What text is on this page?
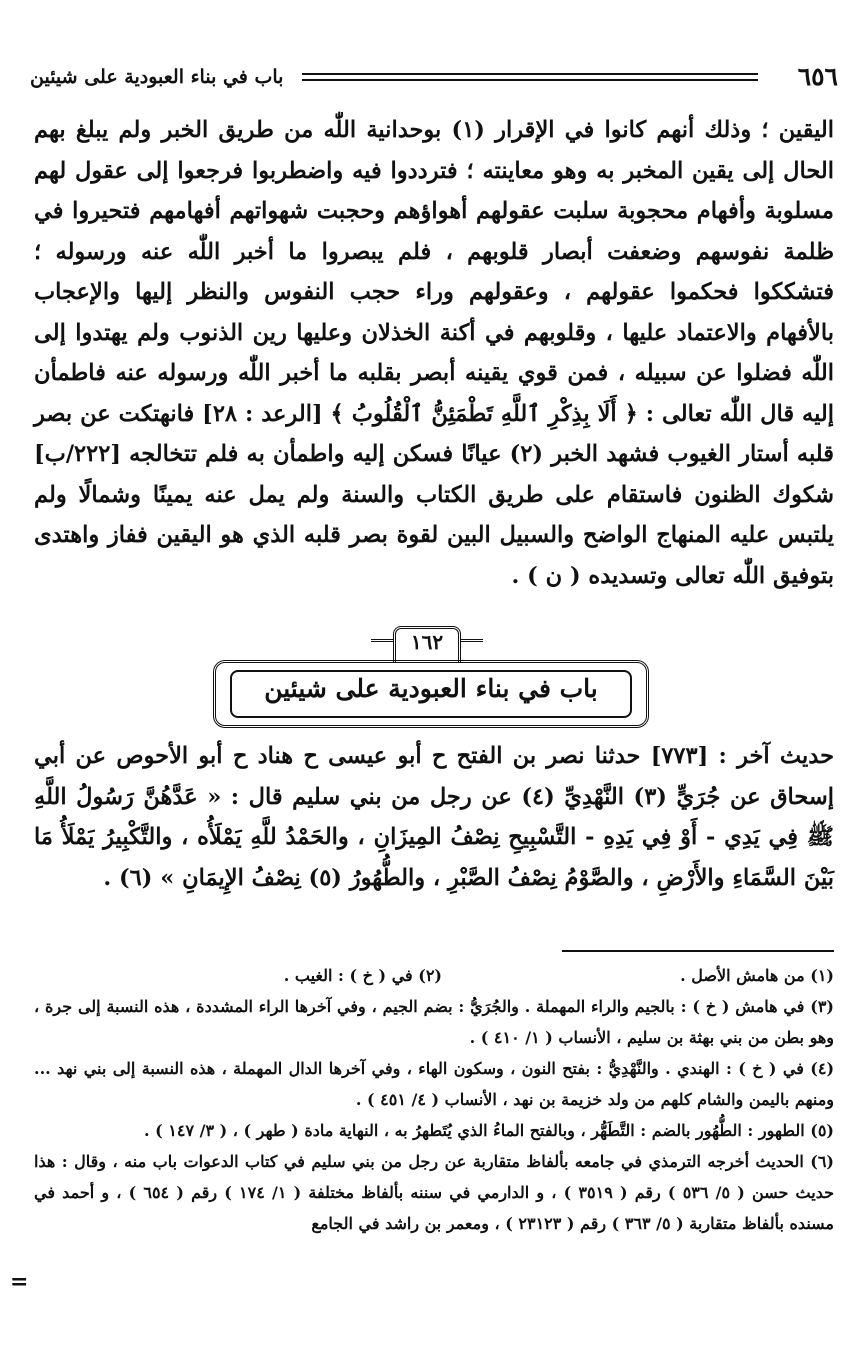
٦٥٦
باب في بناء العبودية على شيئين

اليقين ؛ وذلك أنهم كانوا في الإقرار (١) بوحدانية اللّٰه من طريق الخبر ولم يبلغ بهم الحال إلى يقين المخبر به وهو معاينته ؛ فترددوا فيه واضطربوا فرجعوا إلى عقول لهم مسلوبة وأفهام محجوبة سلبت عقولهم أهواؤهم وحجبت شهواتهم أفهامهم فتحيروا في ظلمة نفوسهم وضعفت أبصار قلوبهم ، فلم يبصروا ما أخبر اللّٰه عنه ورسوله ؛ فتشككوا فحكموا عقولهم ، وعقولهم وراء حجب النفوس والنظر إليها والإعجاب بالأفهام والاعتماد عليها ، وقلوبهم في أكنة الخذلان وعليها رين الذنوب ولم يهتدوا إلى اللّٰه فضلوا عن سبيله ، فمن قوي يقينه أبصر بقلبه ما أخبر اللّٰه ورسوله عنه فاطمأن إليه قال اللّٰه تعالى : ﴿ أَلَا بِذِكْرِ ٱللَّهِ تَطْمَئِنُّ ٱلْقُلُوبُ ﴾ [الرعد : ٢٨] فانهتكت عن بصر قلبه أستار الغيوب فشهد الخبر (٢) عيانًا فسكن إليه واطمأن به فلم تتخالجه [٢٢٢/ب] شكوك الظنون فاستقام على طريق الكتاب والسنة ولم يمل عنه يمينًا وشمالًا ولم يلتبس عليه المنهاج الواضح والسبيل البين لقوة بصر قلبه الذي هو اليقين ففاز واهتدى بتوفيق اللّٰه تعالى وتسديده ( ن ) .

١٦٢
باب في بناء العبودية على شيئين

حديث آخر : [٧٧٣] حدثنا نصر بن الفتح ح أبو عيسى ح هناد ح أبو الأحوص عن أبي إسحاق عن جُرَيٍّ (٣) النَّهْدِيِّ (٤) عن رجل من بني سليم قال : « عَدَّهُنَّ رَسُولُ اللَّهِ ﷺ فِي يَدِي - أَوْ فِي يَدِهِ - التَّسْبِيحِ نِصْفُ المِيزَانِ ، والحَمْدُ للَّهِ يَمْلَأُه ، والتَّكْبِيرُ يَمْلَأُ مَا بَيْنَ السَّمَاءِ والأَرْضِ ، والصَّوْمُ نِصْفُ الصَّبْرِ ، والطُّهُورُ (٥) نِصْفُ الإِيمَانِ » (٦) .

(١) من هامش الأصل .(٢) في ( خ ) : الغيب .

(٣) في هامش ( خ ) : بالجيم والراء المهملة . والجُرَيُّ : بضم الجيم ، وفي آخرها الراء المشددة ، هذه النسبة إلى جرة ، وهو بطن من بني بهثة بن سليم ، الأنساب ( ١/ ٤١٠ ) .

(٤) في ( خ ) : الهندي . والنَّهْدِيُّ : بفتح النون ، وسكون الهاء ، وفي آخرها الدال المهملة ، هذه النسبة إلى بني نهد ... ومنهم باليمن والشام كلهم من ولد خزيمة بن نهد ، الأنساب ( ٤/ ٤٥١ ) .

(٥) الطهور : الطُّهُور بالضم : التَّطَهُّر ، وبالفتح الماءُ الذي يُتَطهرُ به ، النهاية مادة ( طهر ) ، ( ٣/ ١٤٧ ) .

(٦) الحديث أخرجه الترمذي في جامعه بألفاظ متقاربة عن رجل من بني سليم في كتاب الدعوات باب منه ، وقال : هذا حديث حسن ( ٥/ ٥٣٦ ) رقم ( ٣٥١٩ ) ، و الدارمي في سننه بألفاظ مختلفة ( ١/ ١٧٤ ) رقم ( ٦٥٤ ) ، و أحمد في مسنده بألفاظ متقاربة ( ٥/ ٣٦٣ ) رقم ( ٢٣١٢٣ ) ، ومعمر بن راشد في الجامع

=
